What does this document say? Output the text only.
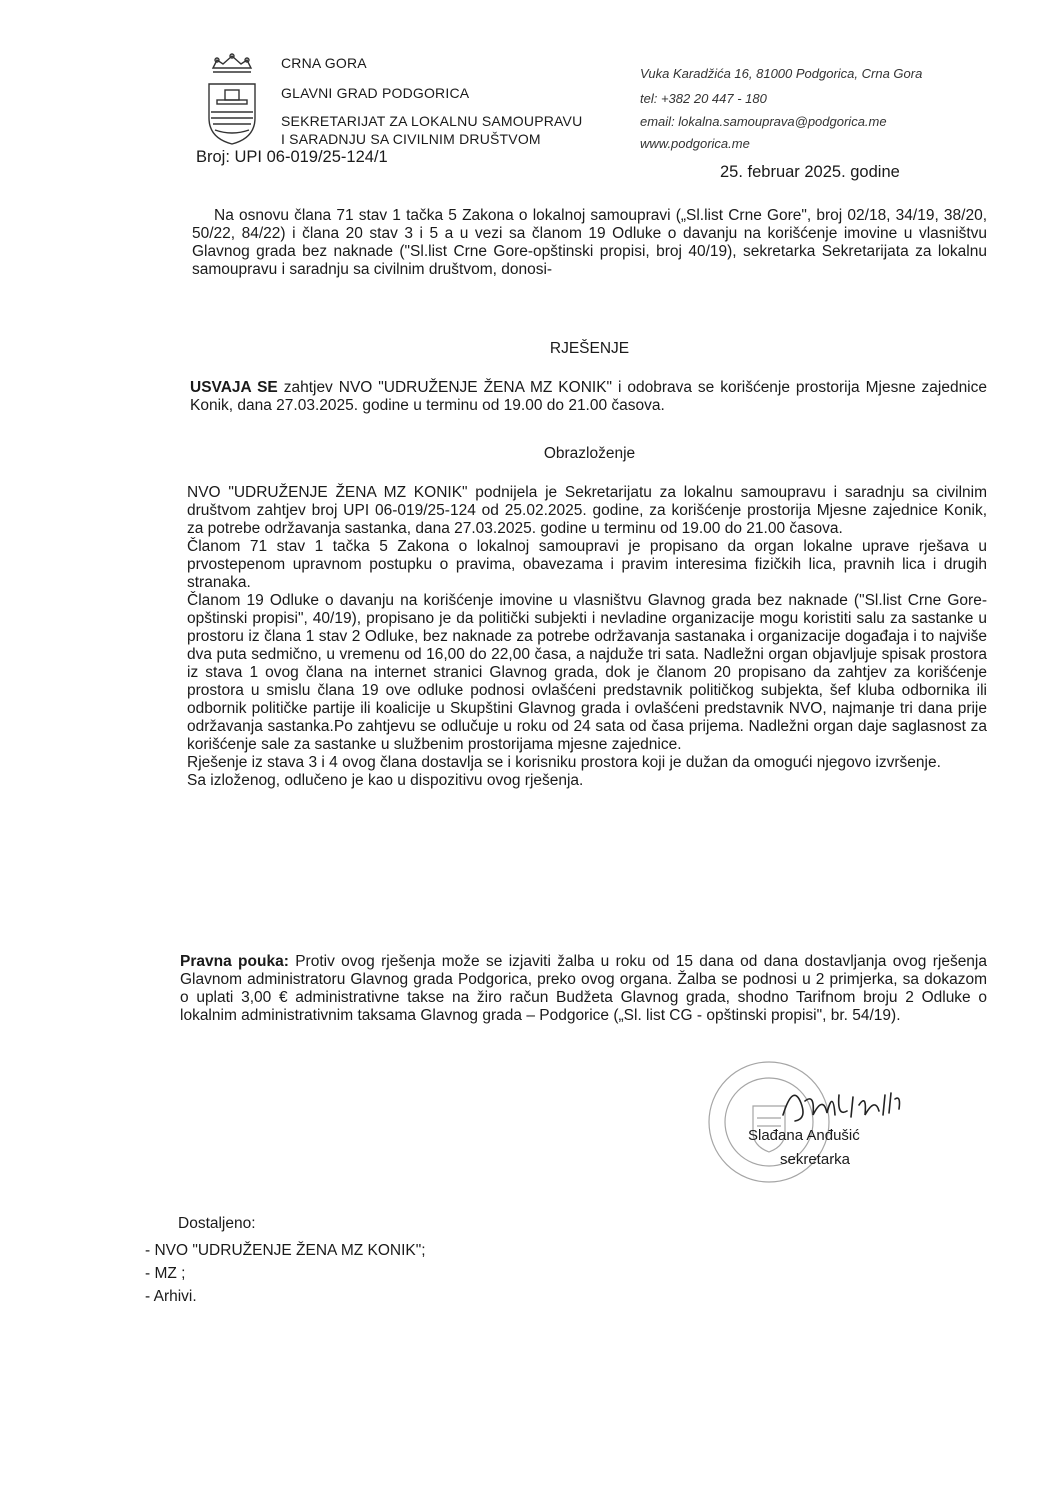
CRNA GORA
GLAVNI GRAD PODGORICA
SEKRETARIJAT ZA LOKALNU SAMOUPRAVU
I SARADNJU SA CIVILNIM DRUŠTVOM
Vuka Karadžića 16, 81000 Podgorica, Crna Gora
tel: +382 20 447 - 180
email: lokalna.samouprava@podgorica.me
www.podgorica.me
Broj: UPI 06-019/25-124/1
25. februar 2025. godine
Na osnovu člana 71 stav 1 tačka 5 Zakona o lokalnoj samoupravi („Sl.list Crne Gore", broj 02/18, 34/19, 38/20, 50/22, 84/22) i člana 20 stav 3 i 5 a u vezi sa članom 19 Odluke o davanju na korišćenje imovine u vlasništvu Glavnog grada bez naknade ("Sl.list Crne Gore-opštinski propisi, broj 40/19), sekretarka Sekretarijata za lokalnu samoupravu i saradnju sa civilnim društvom, donosi-
RJEŠENJE
USVAJA SE zahtjev NVO "UDRUŽENJE ŽENA MZ KONIK" i odobrava se korišćenje prostorija Mjesne zajednice Konik, dana 27.03.2025. godine u terminu od 19.00 do 21.00 časova.
Obrazloženje
NVO "UDRUŽENJE ŽENA MZ KONIK" podnijela je Sekretarijatu za lokalnu samoupravu i saradnju sa civilnim društvom zahtjev broj UPI 06-019/25-124 od 25.02.2025. godine, za korišćenje prostorija Mjesne zajednice Konik, za potrebe održavanja sastanka, dana 27.03.2025. godine u terminu od 19.00 do 21.00 časova.
Članom 71 stav 1 tačka 5 Zakona o lokalnoj samoupravi je propisano da organ lokalne uprave rješava u prvostepenom upravnom postupku o pravima, obavezama i pravim interesima fizičkih lica, pravnih lica i drugih stranaka.
Članom 19 Odluke o davanju na korišćenje imovine u vlasništvu Glavnog grada bez naknade ("Sl.list Crne Gore-opštinski propisi", 40/19), propisano je da politički subjekti i nevladine organizacije mogu koristiti salu za sastanke u prostoru iz člana 1 stav 2 Odluke, bez naknade za potrebe održavanja sastanaka i organizacije događaja i to najviše dva puta sedmično, u vremenu od 16,00 do 22,00 časa, a najduže tri sata. Nadležni organ objavljuje spisak prostora iz stava 1 ovog člana na internet stranici Glavnog grada, dok je članom 20 propisano da zahtjev za korišćenje prostora u smislu člana 19 ove odluke podnosi ovlašćeni predstavnik političkog subjekta, šef kluba odbornika ili odbornik političke partije ili koalicije u Skupštini Glavnog grada i ovlašćeni predstavnik NVO, najmanje tri dana prije održavanja sastanka.Po zahtjevu se odlučuje u roku od 24 sata od časa prijema. Nadležni organ daje saglasnost za korišćenje sale za sastanke u službenim prostorijama mjesne zajednice.
Rješenje iz stava 3 i 4 ovog člana dostavlja se i korisniku prostora koji je dužan da omogući njegovo izvršenje.
Sa izloženog, odlučeno je kao u dispozitivu ovog rješenja.
Pravna pouka: Protiv ovog rješenja može se izjaviti žalba u roku od 15 dana od dana dostavljanja ovog rješenja Glavnom administratoru Glavnog grada Podgorica, preko ovog organa. Žalba se podnosi u 2 primjerka, sa dokazom o uplati 3,00 € administrativne takse na žiro račun Budžeta Glavnog grada, shodno Tarifnom broju 2 Odluke o lokalnim administrativnim taksama Glavnog grada – Podgorice („Sl. list CG - opštinski propisi", br. 54/19).
Slađana Anđušić
sekretarka
Dostaljeno:
- NVO "UDRUŽENJE ŽENA MZ KONIK";
- MZ ;
- Arhivi.
